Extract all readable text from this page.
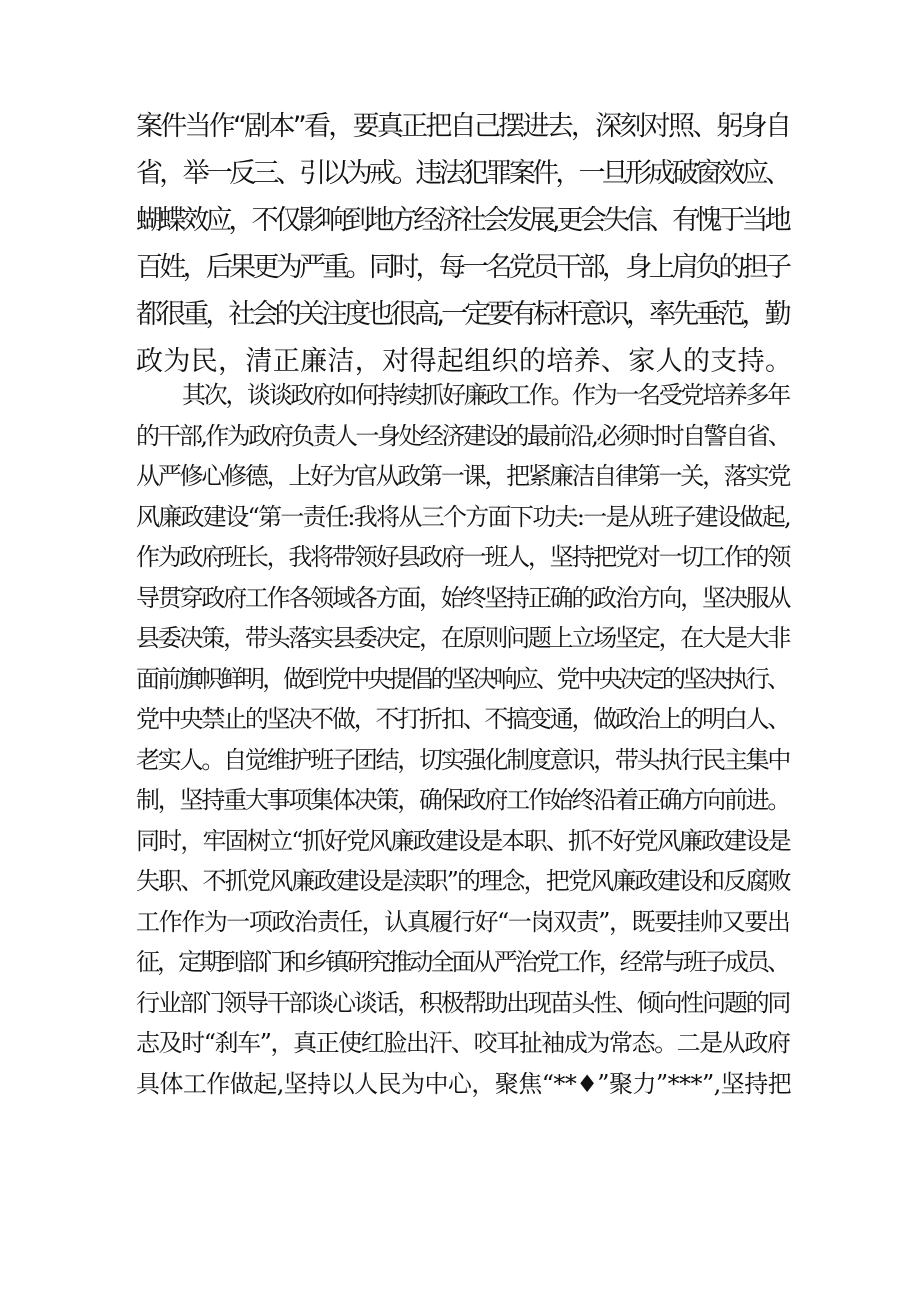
案件当作“剧本”看，要真正把自己摆进去，深刻对照、躬身自
省，举一反三、引以为戒。违法犯罪案件，一旦形成破窗效应、
蝴蝶效应，不仅影响到地方经济社会发展,更会失信、有愧于当地
百姓，后果更为严重。同时，每一名党员干部，身上肩负的担子
都很重，社会的关注度也很高,一定要有标杆意识，率先垂范，勤
政为民，清正廉洁，对得起组织的培养、家人的支持。
其次，谈谈政府如何持续抓好廉政工作。作为一名受党培养多年
的干部,作为政府负责人一身处经济建设的最前沿,必须时时自警自省、
从严修心修德，上好为官从政第一课，把紧廉洁自律第一关，落实党
风廉政建设“第一责任:我将从三个方面下功夫:一是从班子建设做起,
作为政府班长，我将带领好县政府一班人，坚持把党对一切工作的领
导贯穿政府工作各领域各方面，始终坚持正确的政治方向，坚决服从
县委决策，带头落实县委决定，在原则问题上立场坚定，在大是大非
面前旗帜鲜明，做到党中央提倡的坚决响应、党中央决定的坚决执行、
党中央禁止的坚决不做，不打折扣、不搞变通，做政治上的明白人、
老实人。自觉维护班子团结，切实强化制度意识，带头执行民主集中
制，坚持重大事项集体决策，确保政府工作始终沿着正确方向前进。
同时，牢固树立“抓好党风廉政建设是本职、抓不好党风廉政建设是
失职、不抓党风廉政建设是渎职”的理念，把党风廉政建设和反腐败
工作作为一项政治责任，认真履行好“一岗双责”，既要挂帅又要出
征，定期到部门和乡镇研究推动全面从严治党工作，经常与班子成员、
行业部门领导干部谈心谈话，积极帮助出现苗头性、倾向性问题的同
志及时“刹车”，真正使红脸出汗、咬耳扯袖成为常态。二是从政府
具体工作做起,坚持以人民为中心，聚焦“**♦”聚力”***”,坚持把
